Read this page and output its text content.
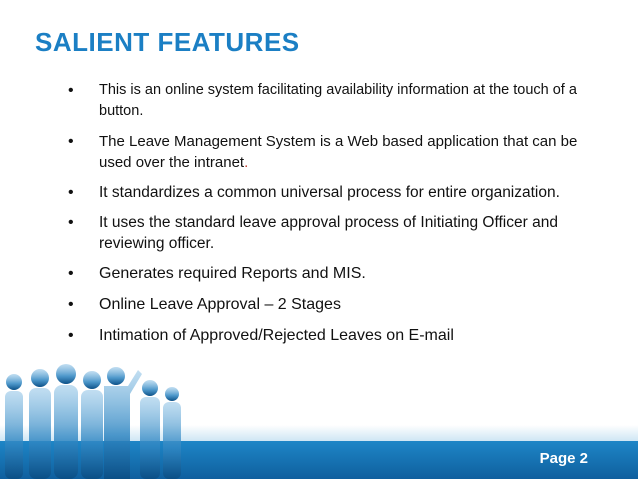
SALIENT FEATURES
• This is an online system facilitating availability information at the touch of a button.
• The Leave Management System is a Web based application that can be used over the intranet.
• It standardizes a common universal process for entire organization.
• It uses the standard leave approval process of Initiating Officer and reviewing officer.
• Generates required Reports and MIS.
• Online Leave Approval – 2 Stages
• Intimation of Approved/Rejected Leaves on E-mail
Page 2
